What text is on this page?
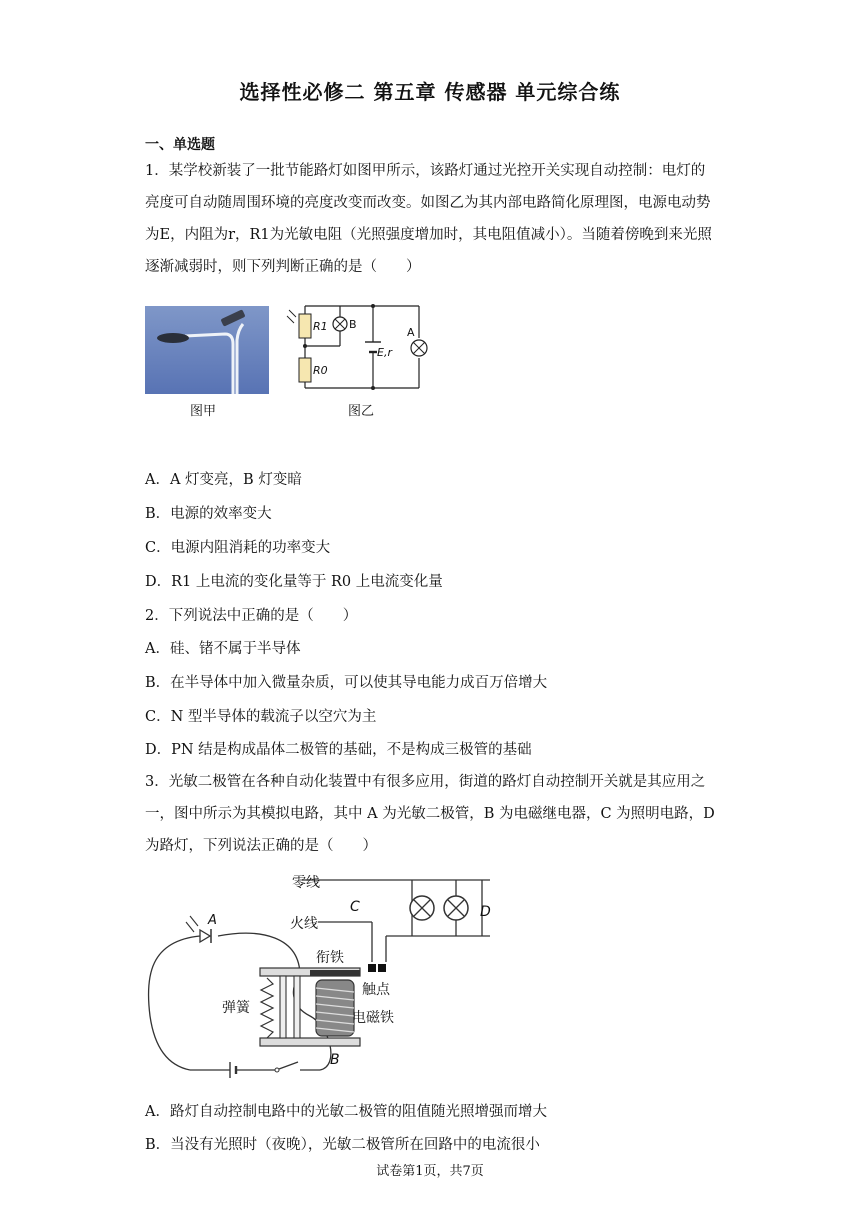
选择性必修二 第五章 传感器 单元综合练
一、单选题
1．某学校新装了一批节能路灯如图甲所示，该路灯通过光控开关实现自动控制：电灯的亮度可自动随周围环境的亮度改变而改变。如图乙为其内部电路简化原理图，电源电动势为E，内阻为r，R1为光敏电阻（光照强度增加时，其电阻值减小）。当随着傍晚到来光照逐渐减弱时，则下列判断正确的是（　　）
R1 B
R0
E,r
A
图甲	图乙
A．A 灯变亮，B 灯变暗
B．电源的效率变大
C．电源内阻消耗的功率变大
D．R1 上电流的变化量等于 R0 上电流变化量
2．下列说法中正确的是（　　）
A．硅、锗不属于半导体
B．在半导体中加入微量杂质，可以使其导电能力成百万倍增大
C．N 型半导体的载流子以空穴为主
D．PN 结是构成晶体二极管的基础，不是构成三极管的基础
3．光敏二极管在各种自动化装置中有很多应用，街道的路灯自动控制开关就是其应用之一，图中所示为其模拟电路，其中 A 为光敏二极管，B 为电磁继电器，C 为照明电路，D 为路灯，下列说法正确的是（　　）
零线
火线
C	D
A
衔铁
触点
弹簧
电磁铁
B
A．路灯自动控制电路中的光敏二极管的阻值随光照增强而增大
B．当没有光照时（夜晚），光敏二极管所在回路中的电流很小
试卷第1页，共7页
